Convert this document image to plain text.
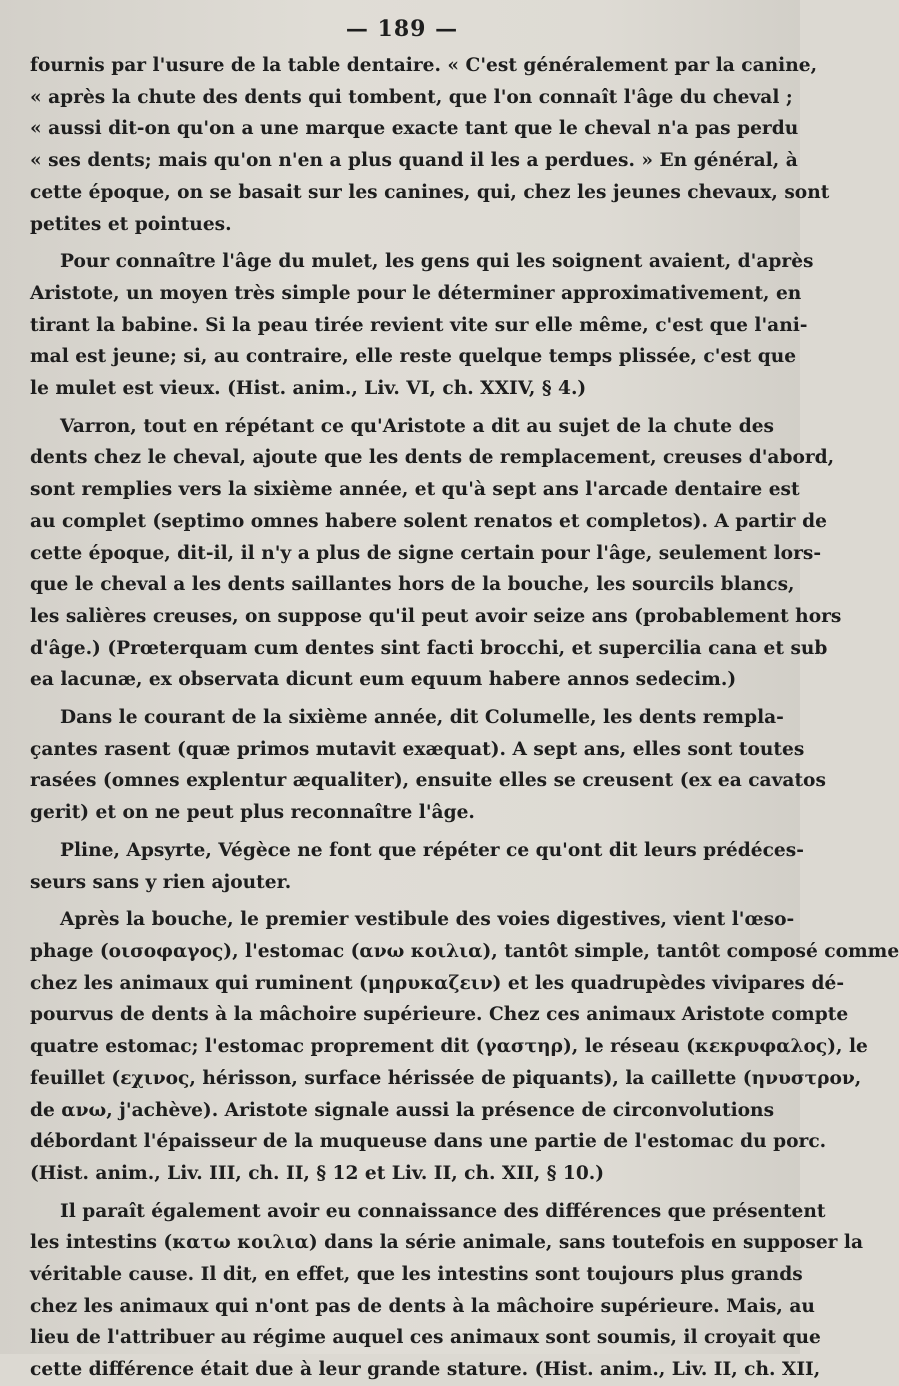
— 189 —
fournis par l'usure de la table dentaire. « C'est généralement par la canine,
« après la chute des dents qui tombent, que l'on connaît l'âge du cheval ;
« aussi dit-on qu'on a une marque exacte tant que le cheval n'a pas perdu
« ses dents; mais qu'on n'en a plus quand il les a perdues. » En général, à
cette époque, on se basait sur les canines, qui, chez les jeunes chevaux, sont
petites et pointues.
Pour connaître l'âge du mulet, les gens qui les soignent avaient, d'après
Aristote, un moyen très simple pour le déterminer approximativement, en
tirant la babine. Si la peau tirée revient vite sur elle même, c'est que l'ani-
mal est jeune; si, au contraire, elle reste quelque temps plissée, c'est que
le mulet est vieux. (Hist. anim., Liv. VI, ch. XXIV, § 4.)
Varron, tout en répétant ce qu'Aristote a dit au sujet de la chute des
dents chez le cheval, ajoute que les dents de remplacement, creuses d'abord,
sont remplies vers la sixième année, et qu'à sept ans l'arcade dentaire est
au complet (septimo omnes habere solent renatos et completos). A partir de
cette époque, dit-il, il n'y a plus de signe certain pour l'âge, seulement lors-
que le cheval a les dents saillantes hors de la bouche, les sourcils blancs,
les salières creuses, on suppose qu'il peut avoir seize ans (probablement hors
d'âge.) (Prœterquam cum dentes sint facti brocchi, et supercilia cana et sub
ea lacunæ, ex observata dicunt eum equum habere annos sedecim.)
Dans le courant de la sixième année, dit Columelle, les dents rempla-
çantes rasent (quæ primos mutavit exæquat). A sept ans, elles sont toutes
rasées (omnes explentur æqualiter), ensuite elles se creusent (ex ea cavatos
gerit) et on ne peut plus reconnaître l'âge.
Pline, Apsyrte, Végèce ne font que répéter ce qu'ont dit leurs prédéces-
seurs sans y rien ajouter.
Après la bouche, le premier vestibule des voies digestives, vient l'œso-
phage (οισοφαγος), l'estomac (ανω κοιλια), tantôt simple, tantôt composé comme
chez les animaux qui ruminent (μηρυκαζειν) et les quadrupèdes vivipares dé-
pourvus de dents à la mâchoire supérieure. Chez ces animaux Aristote compte
quatre estomac; l'estomac proprement dit (γαστηρ), le réseau (κεκρυφαλος), le
feuillet (εχινος, hérisson, surface hérissée de piquants), la caillette (ηνυστρον,
de ανω, j'achève). Aristote signale aussi la présence de circonvolutions
débordant l'épaisseur de la muqueuse dans une partie de l'estomac du porc.
(Hist. anim., Liv. III, ch. II, § 12 et Liv. II, ch. XII, § 10.)
Il paraît également avoir eu connaissance des différences que présentent
les intestins (κατω κοιλια) dans la série animale, sans toutefois en supposer la
véritable cause. Il dit, en effet, que les intestins sont toujours plus grands
chez les animaux qui n'ont pas de dents à la mâchoire supérieure. Mais, au
lieu de l'attribuer au régime auquel ces animaux sont soumis, il croyait que
cette différence était due à leur grande stature. (Hist. anim., Liv. II, ch. XII,
